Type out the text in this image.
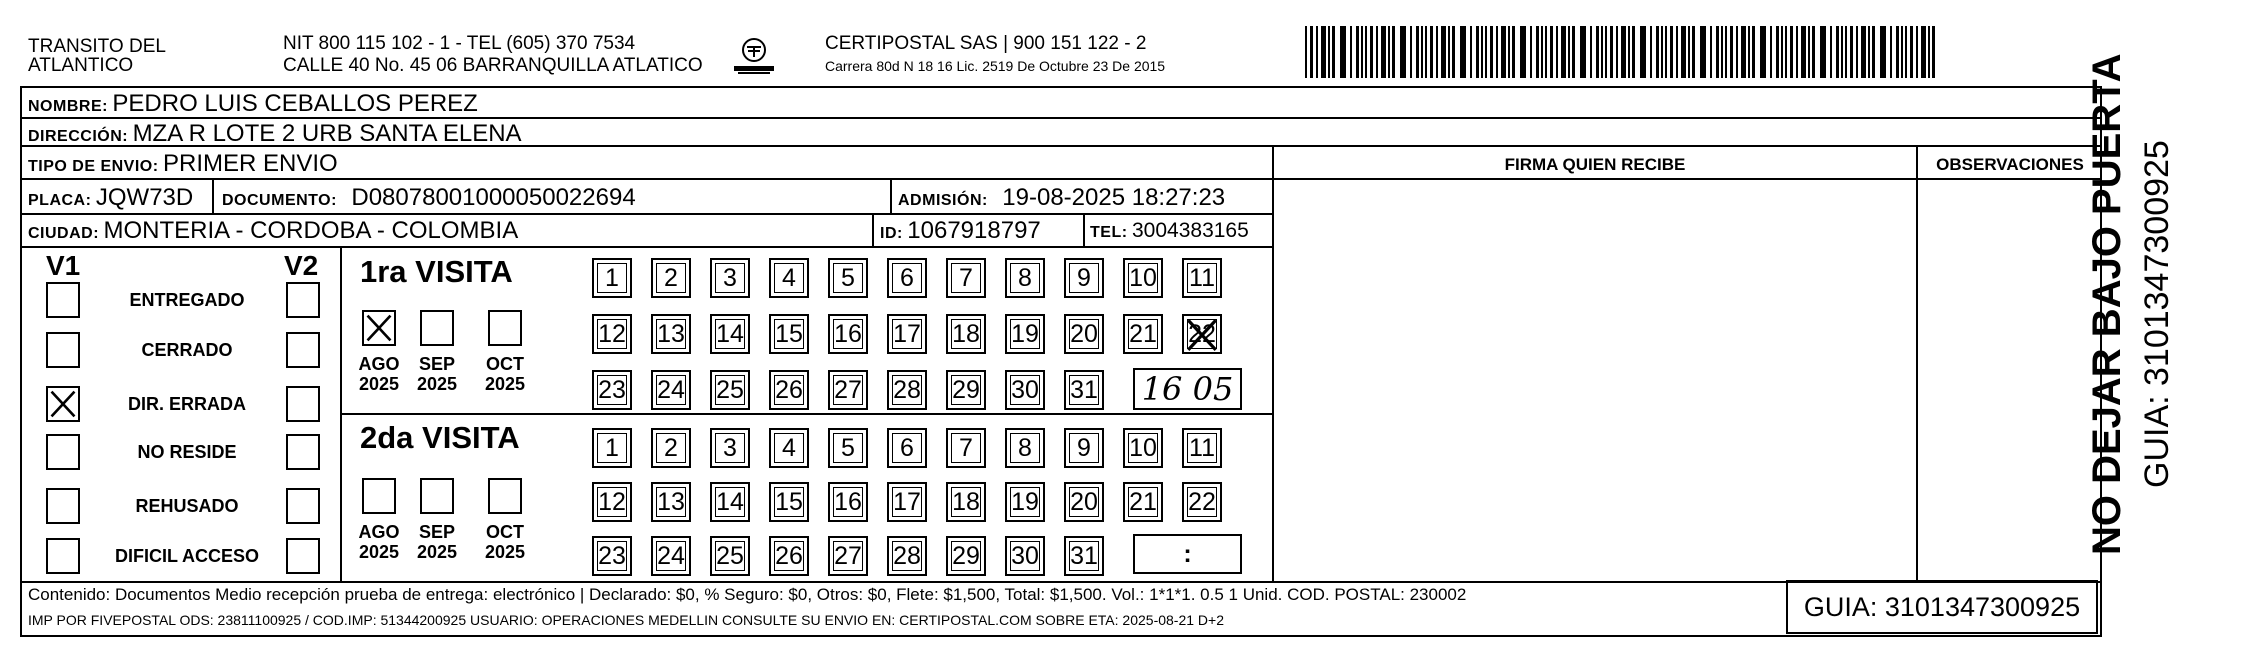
TRANSITO DEL
ATLANTICO
NIT 800 115 102 - 1 - TEL (605) 370 7534
CALLE 40 No. 45 06 BARRANQUILLA ATLATICO
CERTIPOSTAL SAS | 900 151 122 - 2
Carrera 80d N 18 16 Lic. 2519 De Octubre 23 De 2015
FIRMA QUIEN RECIBE	OBSERVACIONES
NOMBRE: PEDRO LUIS CEBALLOS PEREZ
DIRECCIÓN: MZA R LOTE 2 URB SANTA ELENA
TIPO DE ENVIO: PRIMER ENVIO
PLACA: JQW73D DOCUMENTO: D08078001000050022694	ADMISIÓN: 19-08-2025 18:27:23
CIUDAD: MONTERIA - CORDOBA - COLOMBIA	ID: 1067918797	TEL: 3004383165
V1	V2
ENTREGADO
CERRADO
DIR. ERRADA
NO RESIDE
REHUSADO
DIFICIL ACCESO
1ra VISITA
2da VISITA
AGO
2025
SEP
2025
OCT
2025
AGO
2025
SEP
2025
OCT
2025
1 2 3 4 5 6 7 8 9 10 11
12 13 14 15 16 17 18 19 20 21 22
23 24 25 26 27 28 29 30 31
1 2 3 4 5 6 7 8 9 10 11
12 13 14 15 16 17 18 19 20 21 22
23 24 25 26 27 28 29 30 31
16 05
:
Contenido: Documentos Medio recepción prueba de entrega: electrónico | Declarado: $0, % Seguro: $0, Otros: $0, Flete: $1,500, Total: $1,500. Vol.: 1*1*1. 0.5 1 Unid. COD. POSTAL: 230002
IMP POR FIVEPOSTAL ODS: 23811100925 / COD.IMP: 51344200925 USUARIO: OPERACIONES MEDELLIN CONSULTE SU ENVIO EN: CERTIPOSTAL.COM SOBRE ETA: 2025-08-21 D+2	GUIA: 3101347300925
NO DEJAR BAJO PUERTA GUIA: 3101347300925
